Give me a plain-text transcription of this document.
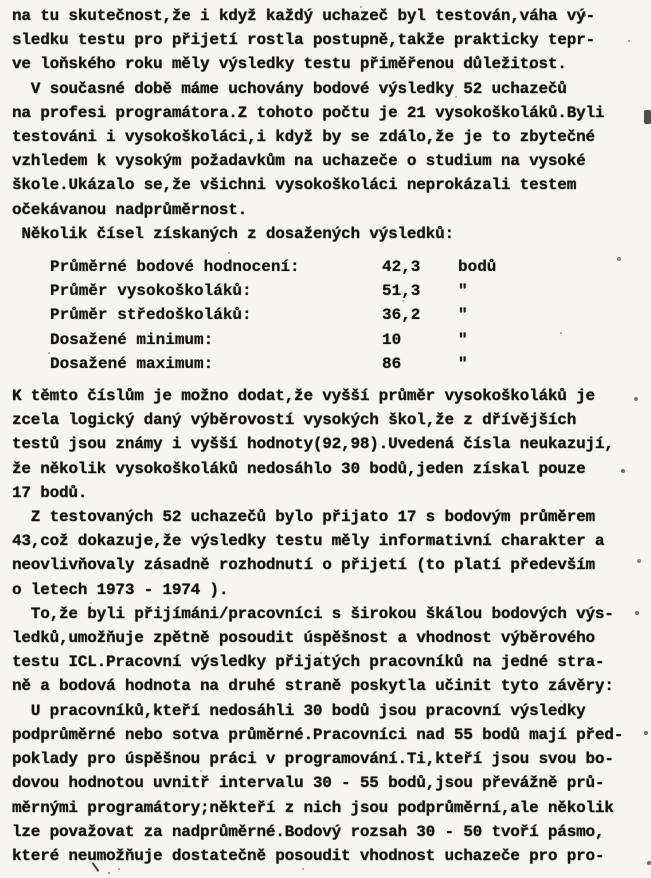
na tu skutečnost,že i když každý uchazeč byl testován,váha vý-
sledku testu pro přijetí rostla postupně,takže prakticky tepr-
ve loňského roku měly výsledky testu přiměřenou důležitost.
V současné době máme uchovány bodové výsledky 52 uchazečů
na profesi programátora.Z tohoto počtu je 21 vysokoškoláků.Byli
testováni i vysokoškoláci,i když by se zdálo,že je to zbytečné
vzhledem k vysokým požadavkům na uchazeče o studium na vysoké
škole.Ukázalo se,že všichni vysokoškoláci neprokázali testem
očekávanou nadprůměrnost.
Několik čísel získaných z dosažených výsledků:
Průměrné bodové hodnocení:	42,3	bodů
Průměr vysokoškoláků:	51,3	"
Průměr středoškoláků:	36,2	"
Dosažené minimum:	10	"
Dosažené maximum:	86	"
K těmto číslům je možno dodat,že vyšší průměr vysokoškoláků je
zcela logický daný výběrovostí vysokých škol,že z dřívějších
testů jsou známy i vyšší hodnoty(92,98).Uvedená čísla neukazují,
že několik vysokoškoláků nedosáhlo 30 bodů,jeden získal pouze
17 bodů.
Z testovaných 52 uchazečů bylo přijato 17 s bodovým průměrem
43,což dokazuje,že výsledky testu měly informativní charakter a
neovlivňovaly zásadně rozhodnutí o přijetí (to platí především
o letech 1973 - 1974 ).
To,že byli přijímáni/pracovníci s širokou škálou bodových výs-
ledků,umožňuje zpětně posoudit úspěšnost a vhodnost výběrového
testu ICL.Pracovní výsledky přijatých pracovníků na jedné stra-
ně a bodová hodnota na druhé straně poskytla učinit tyto závěry:
U pracovníků,kteří nedosáhli 30 bodů jsou pracovní výsledky
podprůměrné nebo sotva průměrné.Pracovníci nad 55 bodů mají před-
poklady pro úspěšnou práci v programování.Ti,kteří jsou svou bo-
dovou hodnotou uvnitř intervalu 30 - 55 bodů,jsou převážně prů-
měrnými programátory;někteří z nich jsou podprůměrní,ale několik
lze považovat za nadprůměrné.Bodový rozsah 30 - 50 tvoří pásmo,
které neumožňuje dostatečně posoudit vhodnost uchazeče pro pro-
